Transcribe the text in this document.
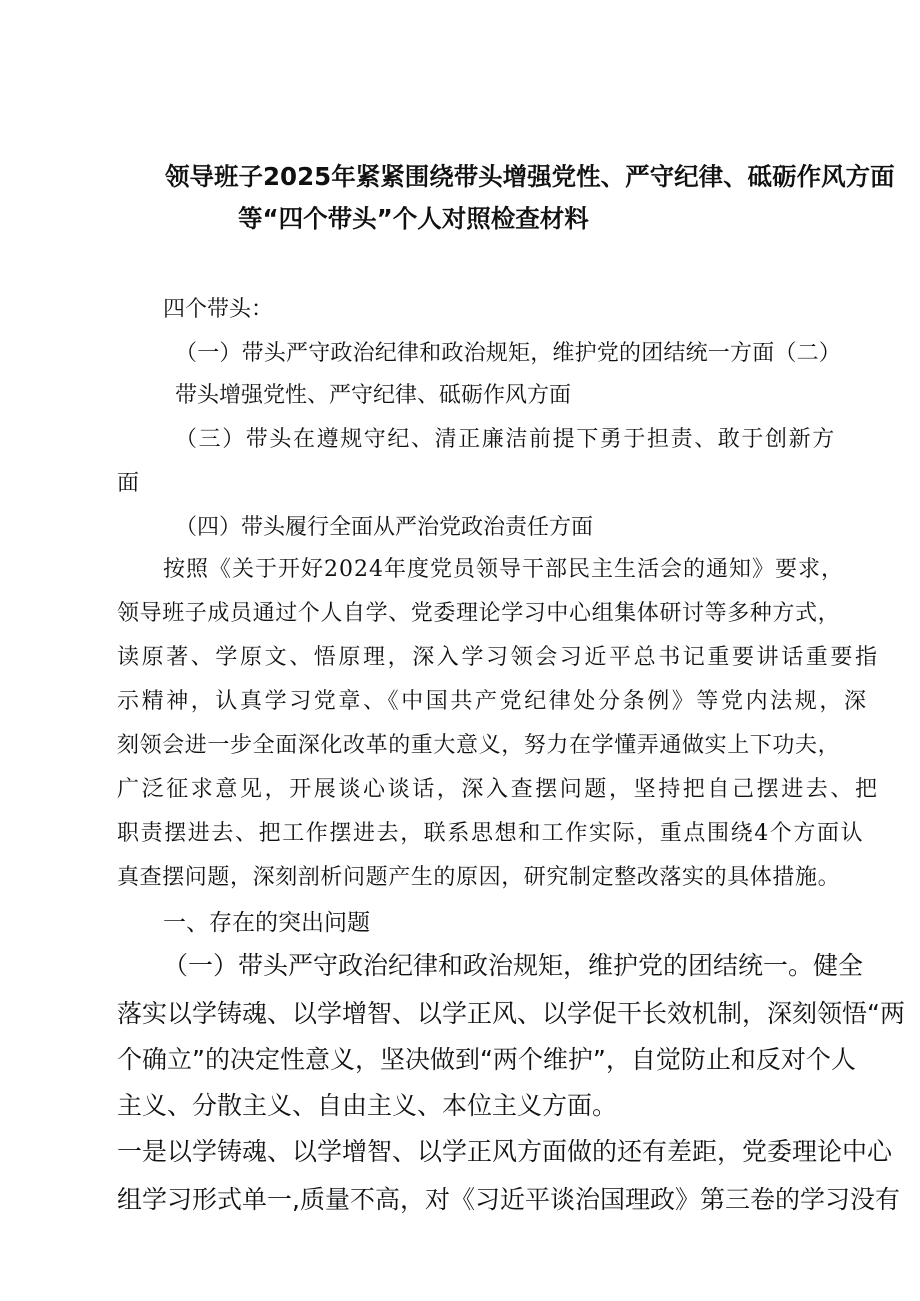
领导班子2025年紧紧围绕带头增强党性、严守纪律、砥砺作风方面
等“四个带头”个人对照检查材料
四个带头：
（一）带头严守政治纪律和政治规矩，维护党的团结统一方面（二）
带头增强党性、严守纪律、砥砺作风方面
（三）带头在遵规守纪、清正廉洁前提下勇于担责、敢于创新方
面
（四）带头履行全面从严治党政治责任方面
按照《关于开好2024年度党员领导干部民主生活会的通知》要求，
领导班子成员通过个人自学、党委理论学习中心组集体研讨等多种方式，
读原著、学原文、悟原理，深入学习领会习近平总书记重要讲话重要指
示精神，认真学习党章、《中国共产党纪律处分条例》等党内法规，深
刻领会进一步全面深化改革的重大意义，努力在学懂弄通做实上下功夫，
广泛征求意见，开展谈心谈话，深入查摆问题，坚持把自己摆进去、把
职责摆进去、把工作摆进去，联系思想和工作实际，重点围绕4个方面认
真查摆问题，深刻剖析问题产生的原因，研究制定整改落实的具体措施。
一、存在的突出问题
（一）带头严守政治纪律和政治规矩，维护党的团结统一。健全
落实以学铸魂、以学增智、以学正风、以学促干长效机制，深刻领悟“两
个确立”的决定性意义，坚决做到“两个维护”，自觉防止和反对个人
主义、分散主义、自由主义、本位主义方面。
一是以学铸魂、以学增智、以学正风方面做的还有差距，党委理论中心
组学习形式单一,质量不高，对《习近平谈治国理政》第三卷的学习没有
